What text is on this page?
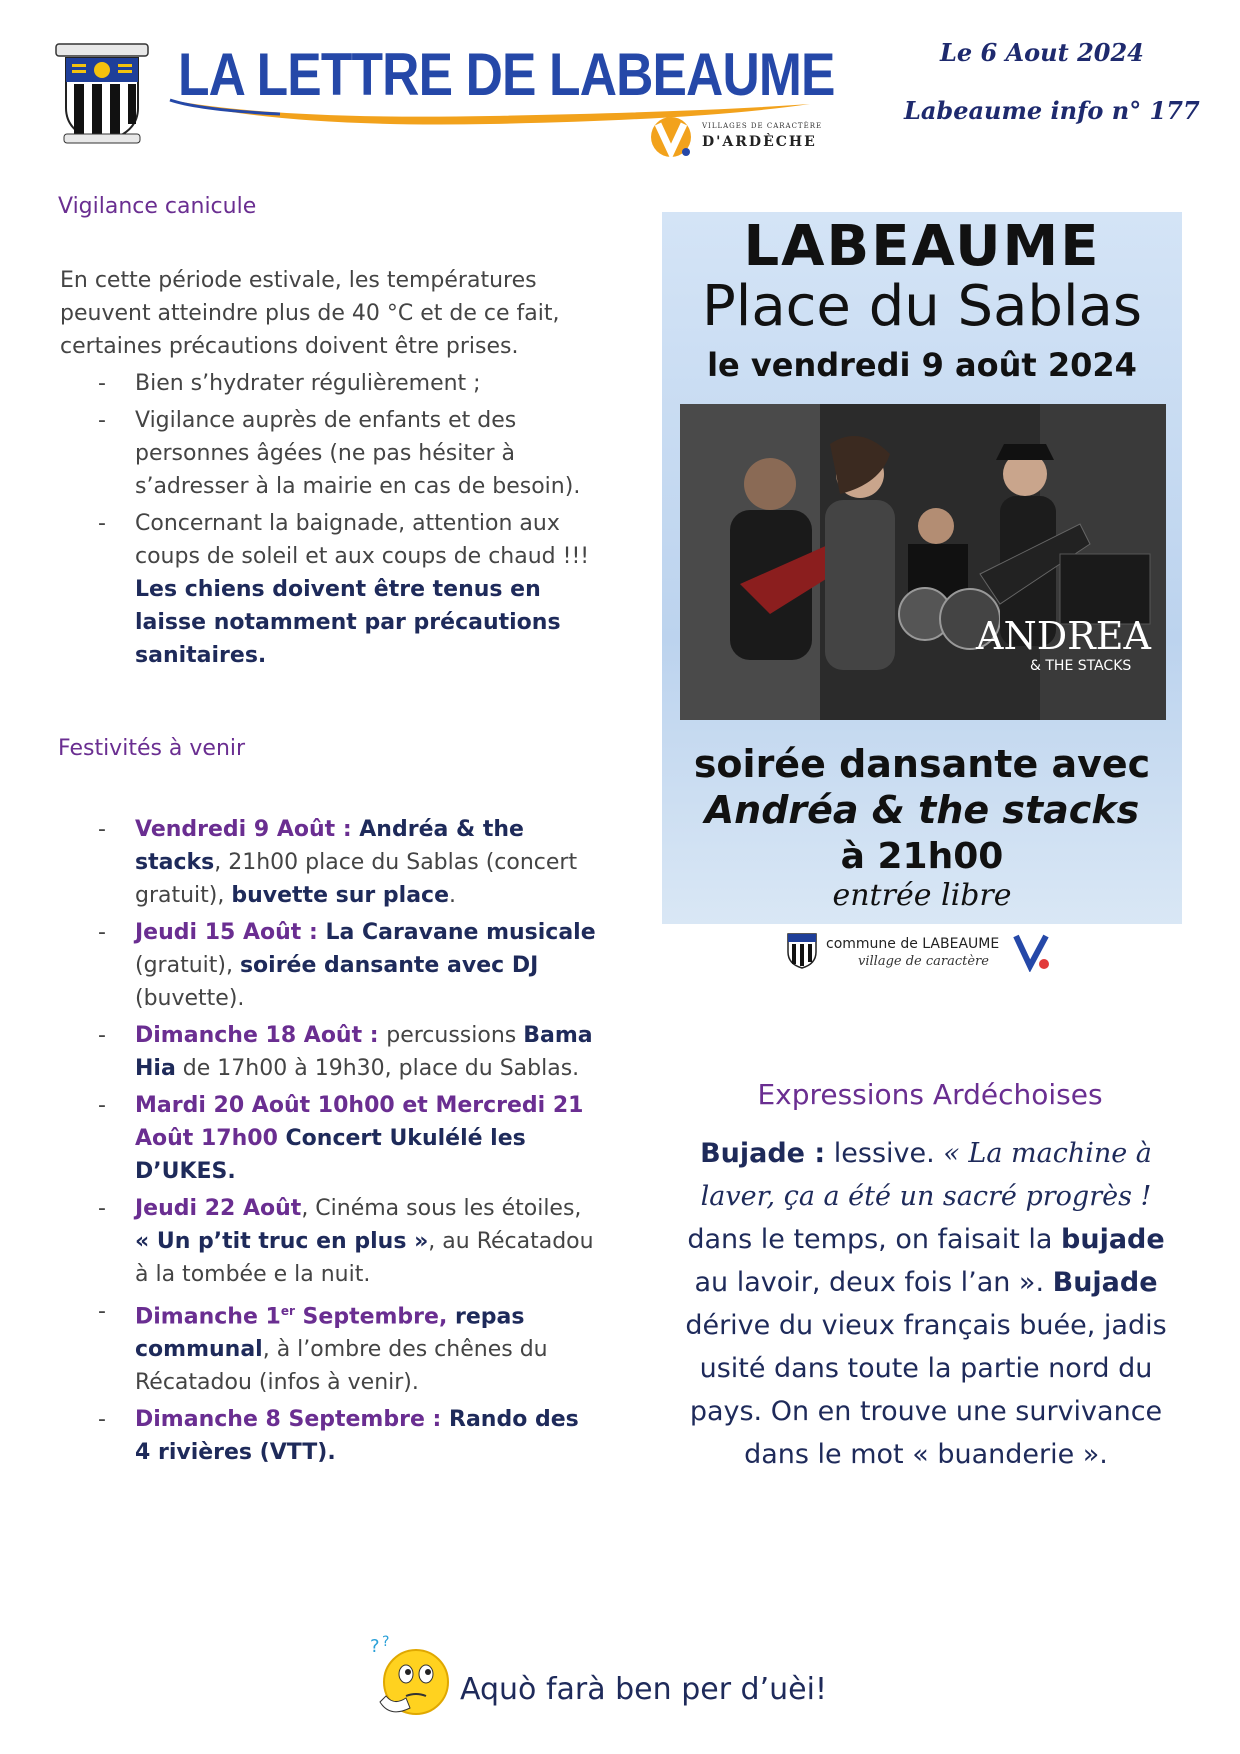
LA LETTRE DE LABEAUME
VILLAGES DE CARACTÈRE
D'ARDÈCHE
Le 6 Aout 2024
Labeaume info n° 177
Vigilance canicule
En cette période estivale, les températures peuvent atteindre plus de 40 °C et de ce fait, certaines précautions doivent être prises.
- Bien s’hydrater régulièrement ;
- Vigilance auprès de enfants et des personnes âgées (ne pas hésiter à s’adresser à la mairie en cas de besoin).
- Concernant la baignade, attention aux coups de soleil et aux coups de chaud !!! Les chiens doivent être tenus en laisse notamment par précautions sanitaires.
Festivités à venir
- Vendredi 9 Août : Andréa & the stacks, 21h00 place du Sablas (concert gratuit), buvette sur place.
- Jeudi 15 Août : La Caravane musicale (gratuit), soirée dansante avec DJ (buvette).
- Dimanche 18 Août : percussions Bama Hia de 17h00 à 19h30, place du Sablas.
- Mardi 20 Août 10h00 et Mercredi 21 Août 17h00 Concert Ukulélé les D’UKES.
- Jeudi 22 Août, Cinéma sous les étoiles, « Un p’tit truc en plus », au Récatadou à la tombée e la nuit.
- Dimanche 1er Septembre, repas communal, à l’ombre des chênes du Récatadou (infos à venir).
- Dimanche 8 Septembre : Rando des 4 rivières (VTT).
LABEAUME
Place du Sablas
le vendredi 9 août 2024
ANDREA
& THE STACKS
soirée dansante avec
Andréa & the stacks
à 21h00
entrée libre
commune de LABEAUME
village de caractère
Expressions Ardéchoises
Bujade : lessive. « La machine à laver, ça a été un sacré progrès ! dans le temps, on faisait la bujade au lavoir, deux fois l’an ». Bujade dérive du vieux français buée, jadis usité dans toute la partie nord du pays. On en trouve une survivance dans le mot « buanderie ».
? ?
Aquò farà ben per d’uèi!
